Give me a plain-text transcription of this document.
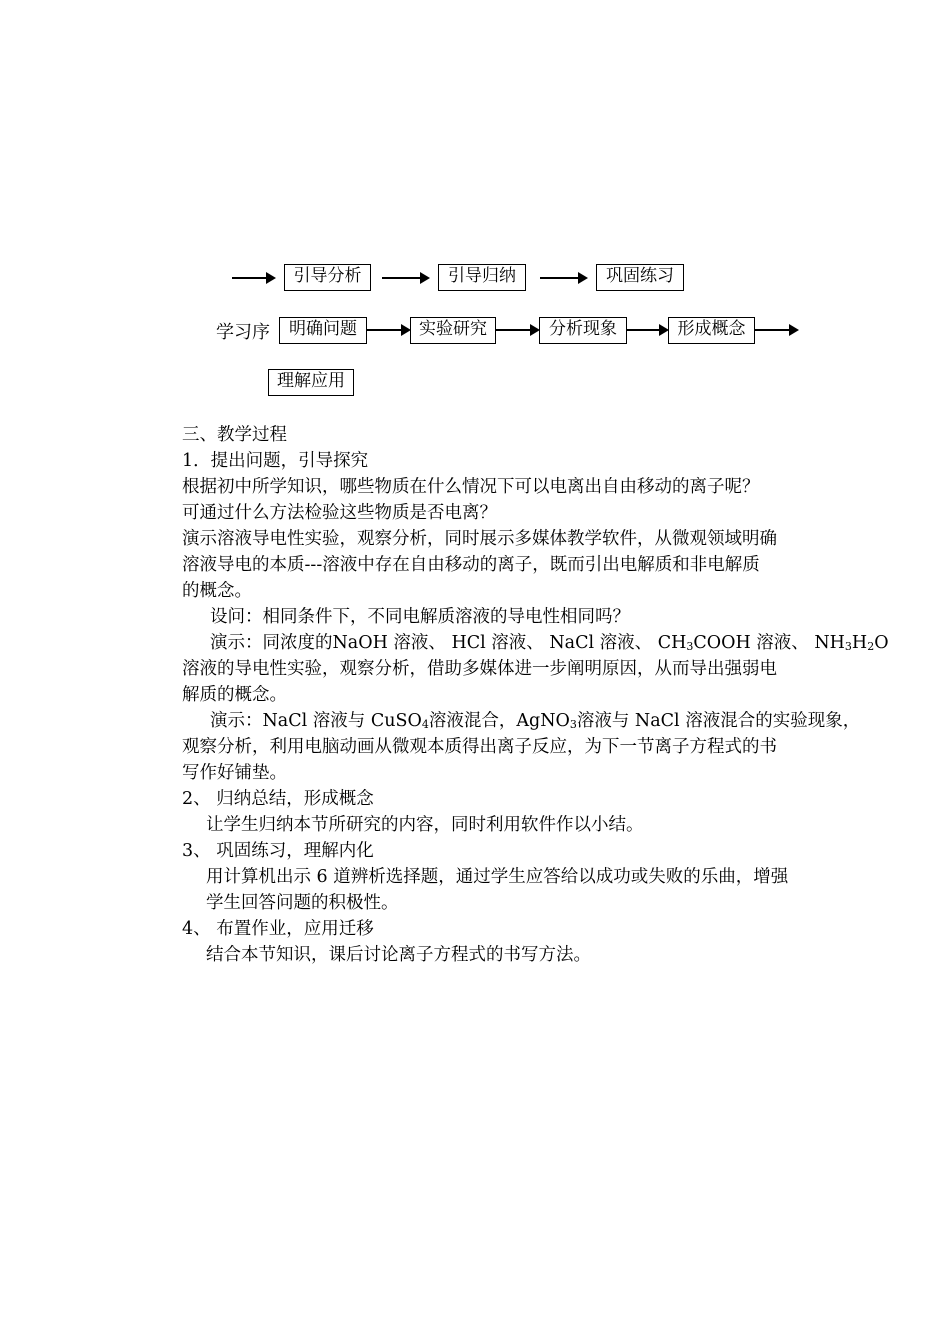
引导分析	引导归纳	巩固练习
学习序	明确问题	实验研究	分析现象	形成概念
理解应用
三、教学过程
1．提出问题，引导探究
根据初中所学知识，哪些物质在什么情况下可以电离出自由移动的离子呢？
可通过什么方法检验这些物质是否电离？
演示溶液导电性实验，观察分析，同时展示多媒体教学软件，从微观领域明确
溶液导电的本质---溶液中存在自由移动的离子，既而引出电解质和非电解质
的概念。
设问：相同条件下，不同电解质溶液的导电性相同吗？
演示：同浓度的NaOH 溶液、 HCl 溶液、 NaCl 溶液、 $CH_3COOH$ 溶液、 $NH_3H_2O$
溶液的导电性实验，观察分析，借助多媒体进一步阐明原因，从而导出强弱电
解质的概念。
演示：NaCl 溶液与 CuSO$_4$溶液混合，AgNO$_3$溶液与 NaCl 溶液混合的实验现象，
观察分析，利用电脑动画从微观本质得出离子反应，为下一节离子方程式的书
写作好铺垫。
2、 归纳总结，形成概念
让学生归纳本节所研究的内容，同时利用软件作以小结。
3、 巩固练习，理解内化
用计算机出示 6 道辨析选择题，通过学生应答给以成功或失败的乐曲，增强
学生回答问题的积极性。
4、 布置作业，应用迁移
结合本节知识，课后讨论离子方程式的书写方法。
